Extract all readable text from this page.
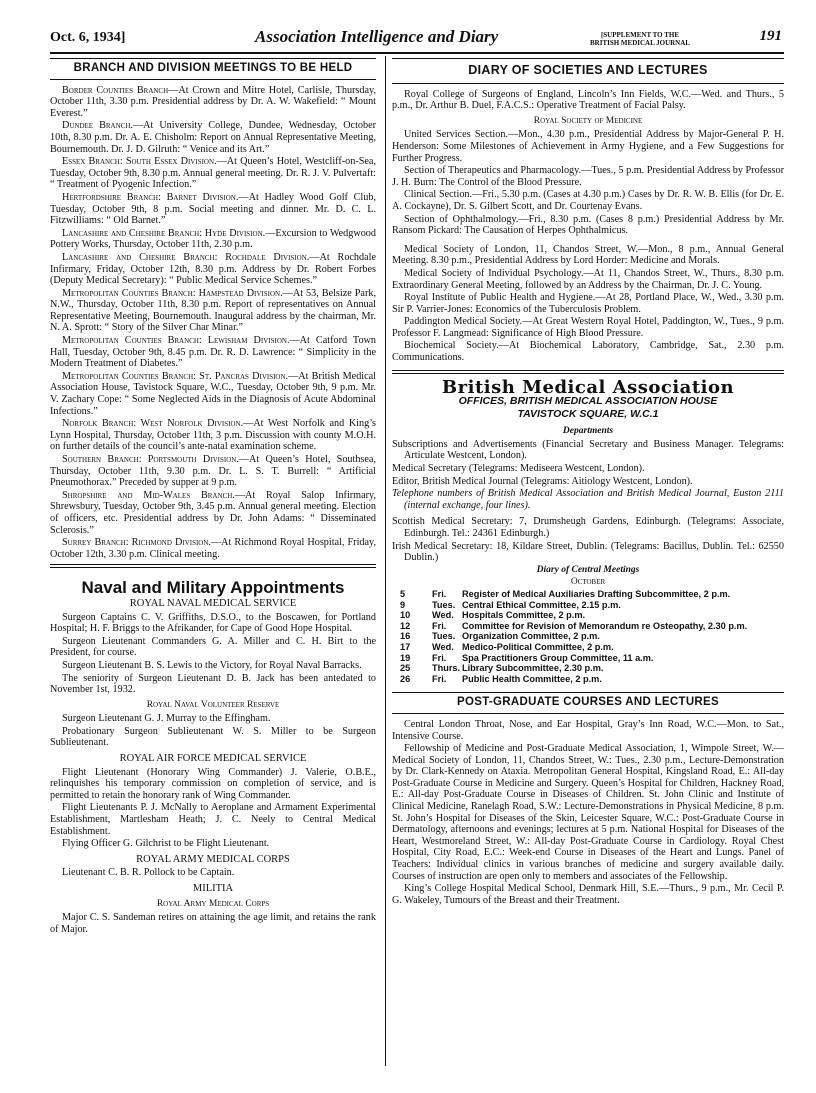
Oct. 6, 1934]	Association Intelligence and Diary	[SUPPLEMENT TO THE
BRITISH MEDICAL JOURNAL	191
BRANCH AND DIVISION MEETINGS TO BE HELD

Border Counties Branch—At Crown and Mitre Hotel, Carlisle, Thursday, October 11th, 3.30 p.m. Presidential address by Dr. A. W. Wakefield: “ Mount Everest.”

Dundee Branch.—At University College, Dundee, Wednesday, October 10th, 8.30 p.m. Dr. A. E. Chisholm: Report on Annual Representative Meeting, Bournemouth. Dr. J. D. Gilruth: “ Venice and its Art.”

Essex Branch: South Essex Division.—At Queen’s Hotel, Westcliff-on-Sea, Tuesday, October 9th, 8.30 p.m. Annual general meeting. Dr. R. J. V. Pulvertaft: “ Treatment of Pyogenic Infection.”

Hertfordshire Branch: Barnet Division.—At Hadley Wood Golf Club, Tuesday, October 9th, 8 p.m. Social meeting and dinner. Mr. D. C. L. Fitzwilliams: “ Old Barnet.”

Lancashire and Cheshire Branch: Hyde Division.—Excursion to Wedgwood Pottery Works, Thursday, October 11th, 2.30 p.m.

Lancashire and Cheshire Branch: Rochdale Division.—At Rochdale Infirmary, Friday, October 12th, 8.30 p.m. Address by Dr. Robert Forbes (Deputy Medical Secretary): “ Public Medical Service Schemes.”

Metropolitan Counties Branch: Hampstead Division.—At 53, Belsize Park, N.W., Thursday, October 11th, 8.30 p.m. Report of representatives on Annual Representative Meeting, Bournemouth. Inaugural address by the chairman, Mr. N. A. Sprott: “ Story of the Silver Char Minar.”

Metropolitan Counties Branch: Lewisham Division.—At Catford Town Hall, Tuesday, October 9th, 8.45 p.m. Dr. R. D. Lawrence: “ Simplicity in the Modern Treatment of Diabetes.”

Metropolitan Counties Branch: St. Pancras Division.—At British Medical Association House, Tavistock Square, W.C., Tuesday, October 9th, 9 p.m. Mr. V. Zachary Cope: “ Some Neglected Aids in the Diagnosis of Acute Abdominal Infections.”

Norfolk Branch: West Norfolk Division.—At West Norfolk and King’s Lynn Hospital, Thursday, October 11th, 3 p.m. Discussion with county M.O.H. on further details of the council’s ante-natal examination scheme.

Southern Branch: Portsmouth Division.—At Queen’s Hotel, Southsea, Thursday, October 11th, 9.30 p.m. Dr. L. S. T. Burrell: “ Artificial Pneumothorax.” Preceded by supper at 9 p.m.

Shropshire and Mid-Wales Branch.—At Royal Salop Infirmary, Shrewsbury, Tuesday, October 9th, 3.45 p.m. Annual general meeting. Election of officers, etc. Presidential address by Dr. John Adams: “ Disseminated Sclerosis.”

Surrey Branch: Richmond Division.—At Richmond Royal Hospital, Friday, October 12th, 3.30 p.m. Clinical meeting.

Naval and Military Appointments
ROYAL NAVAL MEDICAL SERVICE

Surgeon Captains C. V. Griffiths, D.S.O., to the Boscawen, for Portland Hospital; H. F. Briggs to the Afrikander, for Cape of Good Hope Hospital.

Surgeon Lieutenant Commanders G. A. Miller and C. H. Birt to the President, for course.

Surgeon Lieutenant B. S. Lewis to the Victory, for Royal Naval Barracks.

The seniority of Surgeon Lieutenant D. B. Jack has been antedated to November 1st, 1932.

Royal Naval Volunteer Reserve

Surgeon Lieutenant G. J. Murray to the Effingham.

Probationary Surgeon Sublieutenant W. S. Miller to be Surgeon Sublieutenant.

ROYAL AIR FORCE MEDICAL SERVICE

Flight Lieutenant (Honorary Wing Commander) J. Valerie, O.B.E., relinquishes his temporary commission on completion of service, and is permitted to retain the honorary rank of Wing Commander.

Flight Lieutenants P. J. McNally to Aeroplane and Armament Experimental Establishment, Martlesham Heath; J. C. Neely to Central Medical Establishment.

Flying Officer G. Gilchrist to be Flight Lieutenant.

ROYAL ARMY MEDICAL CORPS

Lieutenant C. B. R. Pollock to be Captain.

MILITIA
Royal Army Medical Corps

Major C. S. Sandeman retires on attaining the age limit, and retains the rank of Major.

DIARY OF SOCIETIES AND LECTURES

Royal College of Surgeons of England, Lincoln’s Inn Fields, W.C.—Wed. and Thurs., 5 p.m., Dr. Arthur B. Duel, F.A.C.S.: Operative Treatment of Facial Palsy.

Royal Society of Medicine

United Services Section.—Mon., 4.30 p.m., Presidential Address by Major-General P. H. Henderson: Some Milestones of Achievement in Army Hygiene, and a Few Suggestions for Further Progress.

Section of Therapeutics and Pharmacology.—Tues., 5 p.m. Presidential Address by Professor J. H. Burn: The Control of the Blood Pressure.

Clinical Section.—Fri., 5.30 p.m. (Cases at 4.30 p.m.) Cases by Dr. R. W. B. Ellis (for Dr. E. A. Cockayne), Dr. S. Gilbert Scott, and Dr. Courtenay Evans.

Section of Ophthalmology.—Fri., 8.30 p.m. (Cases 8 p.m.) Presidential Address by Mr. Ransom Pickard: The Causation of Herpes Ophthalmicus.

Medical Society of London, 11, Chandos Street, W.—Mon., 8 p.m., Annual General Meeting. 8.30 p.m., Presidential Address by Lord Horder: Medicine and Morals.

Medical Society of Individual Psychology.—At 11, Chandos Street, W., Thurs., 8.30 p.m. Extraordinary General Meeting, followed by an Address by the Chairman, Dr. J. C. Young.

Royal Institute of Public Health and Hygiene.—At 28, Portland Place, W., Wed., 3.30 p.m. Sir P. Varrier-Jones: Economics of the Tuberculosis Problem.

Paddington Medical Society.—At Great Western Royal Hotel, Paddington, W., Tues., 9 p.m. Professor F. Langmead: Significance of High Blood Pressure.

Biochemical Society.—At Biochemical Laboratory, Cambridge, Sat., 2.30 p.m. Communications.

British Medical Association
OFFICES, BRITISH MEDICAL ASSOCIATION HOUSE
TAVISTOCK SQUARE, W.C.1
Departments

Subscriptions and Advertisements (Financial Secretary and Business Manager. Telegrams: Articulate Westcent, London).

Medical Secretary (Telegrams: Mediseera Westcent, London).

Editor, British Medical Journal (Telegrams: Aitiology Westcent, London).

Telephone numbers of British Medical Association and British Medical Journal, Euston 2111 (internal exchange, four lines).

Scottish Medical Secretary: 7, Drumsheugh Gardens, Edinburgh. (Telegrams: Associate, Edinburgh. Tel.: 24361 Edinburgh.)

Irish Medical Secretary: 18, Kildare Street, Dublin. (Telegrams: Bacillus, Dublin. Tel.: 62550 Dublin.)

Diary of Central Meetings
October
5	Fri.	Register of Medical Auxiliaries Drafting Subcommittee, 2 p.m.
9	Tues.	Central Ethical Committee, 2.15 p.m.
10	Wed.	Hospitals Committee, 2 p.m.
12	Fri.	Committee for Revision of Memorandum re Osteopathy, 2.30 p.m.
16	Tues.	Organization Committee, 2 p.m.
17	Wed.	Medico-Political Committee, 2 p.m.
19	Fri.	Spa Practitioners Group Committee, 11 a.m.
25	Thurs.	Library Subcommittee, 2.30 p.m.
26	Fri.	Public Health Committee, 2 p.m.
POST-GRADUATE COURSES AND LECTURES

Central London Throat, Nose, and Ear Hospital, Gray’s Inn Road, W.C.—Mon. to Sat., Intensive Course.

Fellowship of Medicine and Post-Graduate Medical Association, 1, Wimpole Street, W.—Medical Society of London, 11, Chandos Street, W.: Tues., 2.30 p.m., Lecture-Demonstration by Dr. Clark-Kennedy on Ataxia. Metropolitan General Hospital, Kingsland Road, E.: All-day Post-Graduate Course in Medicine and Surgery. Queen’s Hospital for Children, Hackney Road, E.: All-day Post-Graduate Course in Diseases of Children. St. John Clinic and Institute of Clinical Medicine, Ranelagh Road, S.W.: Lecture-Demonstrations in Physical Medicine, 8 p.m. St. John’s Hospital for Diseases of the Skin, Leicester Square, W.C.: Post-Graduate Course in Dermatology, afternoons and evenings; lectures at 5 p.m. National Hospital for Diseases of the Heart, Westmoreland Street, W.: All-day Post-Graduate Course in Cardiology. Royal Chest Hospital, City Road, E.C.: Week-end Course in Diseases of the Heart and Lungs. Panel of Teachers: Individual clinics in various branches of medicine and surgery available daily. Courses of instruction are open only to members and associates of the Fellowship.

King’s College Hospital Medical School, Denmark Hill, S.E.—Thurs., 9 p.m., Mr. Cecil P. G. Wakeley, Tumours of the Breast and their Treatment.
